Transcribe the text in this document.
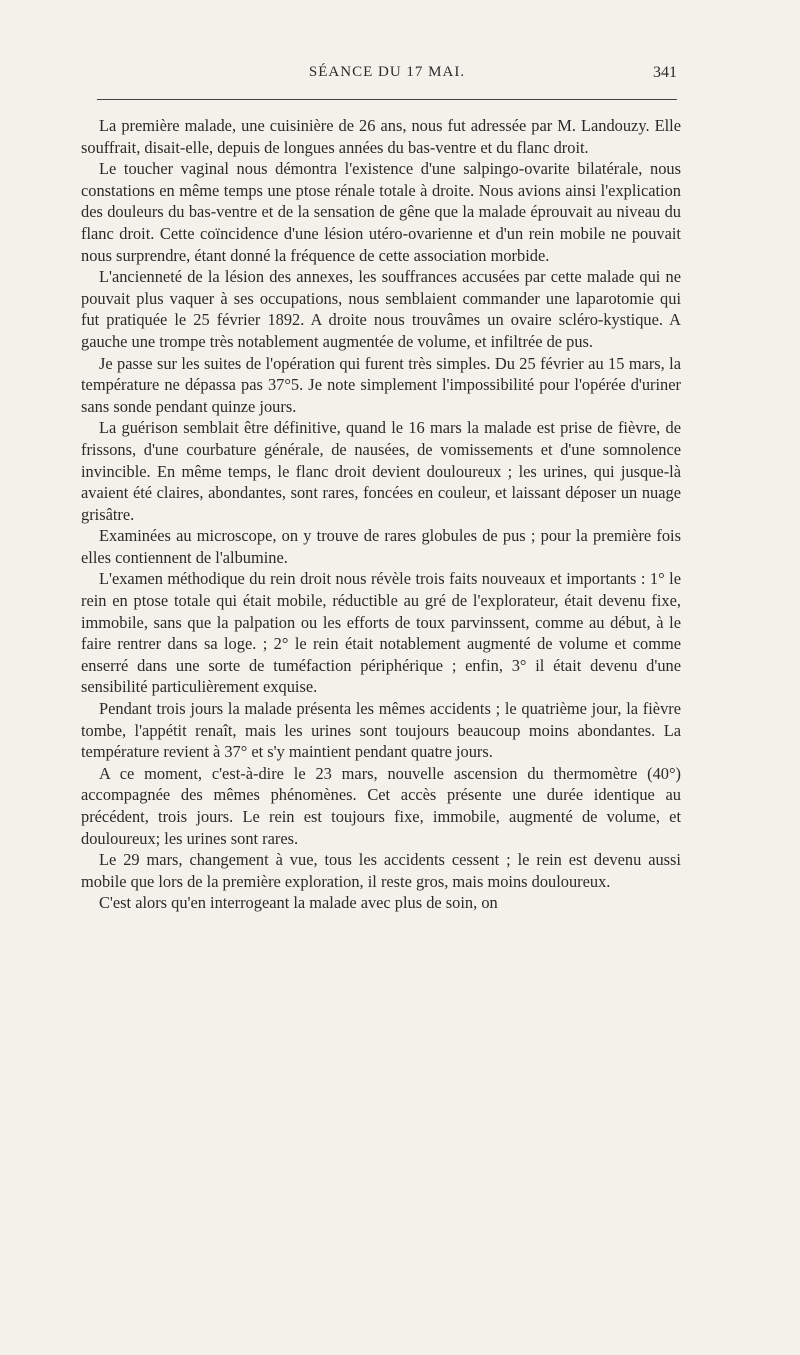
SÉANCE DU 17 MAI.	341

La première malade, une cuisinière de 26 ans, nous fut adressée par M. Landouzy. Elle souffrait, disait-elle, depuis de longues années du bas-ventre et du flanc droit.

Le toucher vaginal nous démontra l'existence d'une salpingo-ovarite bilatérale, nous constations en même temps une ptose rénale totale à droite. Nous avions ainsi l'explication des douleurs du bas-ventre et de la sensation de gêne que la malade éprouvait au niveau du flanc droit. Cette coïncidence d'une lésion utéro-ovarienne et d'un rein mobile ne pouvait nous surprendre, étant donné la fréquence de cette association morbide.

L'ancienneté de la lésion des annexes, les souffrances accusées par cette malade qui ne pouvait plus vaquer à ses occupations, nous semblaient commander une laparotomie qui fut pratiquée le 25 février 1892. A droite nous trouvâmes un ovaire scléro-kystique. A gauche une trompe très notablement augmentée de volume, et infiltrée de pus.

Je passe sur les suites de l'opération qui furent très simples. Du 25 février au 15 mars, la température ne dépassa pas 37°5. Je note simplement l'impossibilité pour l'opérée d'uriner sans sonde pendant quinze jours.

La guérison semblait être définitive, quand le 16 mars la malade est prise de fièvre, de frissons, d'une courbature générale, de nausées, de vomissements et d'une somnolence invincible. En même temps, le flanc droit devient douloureux ; les urines, qui jusque-là avaient été claires, abondantes, sont rares, foncées en couleur, et laissant déposer un nuage grisâtre.

Examinées au microscope, on y trouve de rares globules de pus ; pour la première fois elles contiennent de l'albumine.

L'examen méthodique du rein droit nous révèle trois faits nouveaux et importants : 1° le rein en ptose totale qui était mobile, réductible au gré de l'explorateur, était devenu fixe, immobile, sans que la palpation ou les efforts de toux parvinssent, comme au début, à le faire rentrer dans sa loge. ; 2° le rein était notablement augmenté de volume et comme enserré dans une sorte de tuméfaction périphérique ; enfin, 3° il était devenu d'une sensibilité particulièrement exquise.

Pendant trois jours la malade présenta les mêmes accidents ; le quatrième jour, la fièvre tombe, l'appétit renaît, mais les urines sont toujours beaucoup moins abondantes. La température revient à 37° et s'y maintient pendant quatre jours.

A ce moment, c'est-à-dire le 23 mars, nouvelle ascension du thermomètre (40°) accompagnée des mêmes phénomènes. Cet accès présente une durée identique au précédent, trois jours. Le rein est toujours fixe, immobile, augmenté de volume, et douloureux; les urines sont rares.

Le 29 mars, changement à vue, tous les accidents cessent ; le rein est devenu aussi mobile que lors de la première exploration, il reste gros, mais moins douloureux.

C'est alors qu'en interrogeant la malade avec plus de soin, on
